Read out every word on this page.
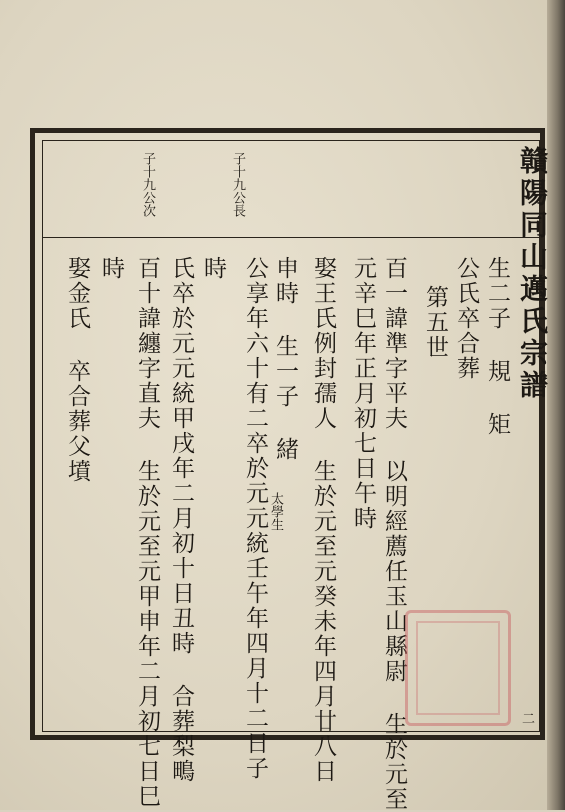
贛陽同山邁氏宗譜
子十九公長
子十九公次
生二子 規 矩
公氏卒合葬
第五世
百一諱準字平夫 以明經薦任玉山縣尉 生於元至
元辛巳年正月初七日午時
娶王氏例封孺人 生於元至元癸未年四月廿八日
申時 生一子 緒
公享年六十有二卒於元元統壬午年四月十二日子
時
氏卒於元元統甲戌年二月初十日丑時 合葬梨鴫
百十諱纏字直夫 生於元至元甲申年二月初七日巳
時
娶金氏 卒合葬父墳
太學生
二
